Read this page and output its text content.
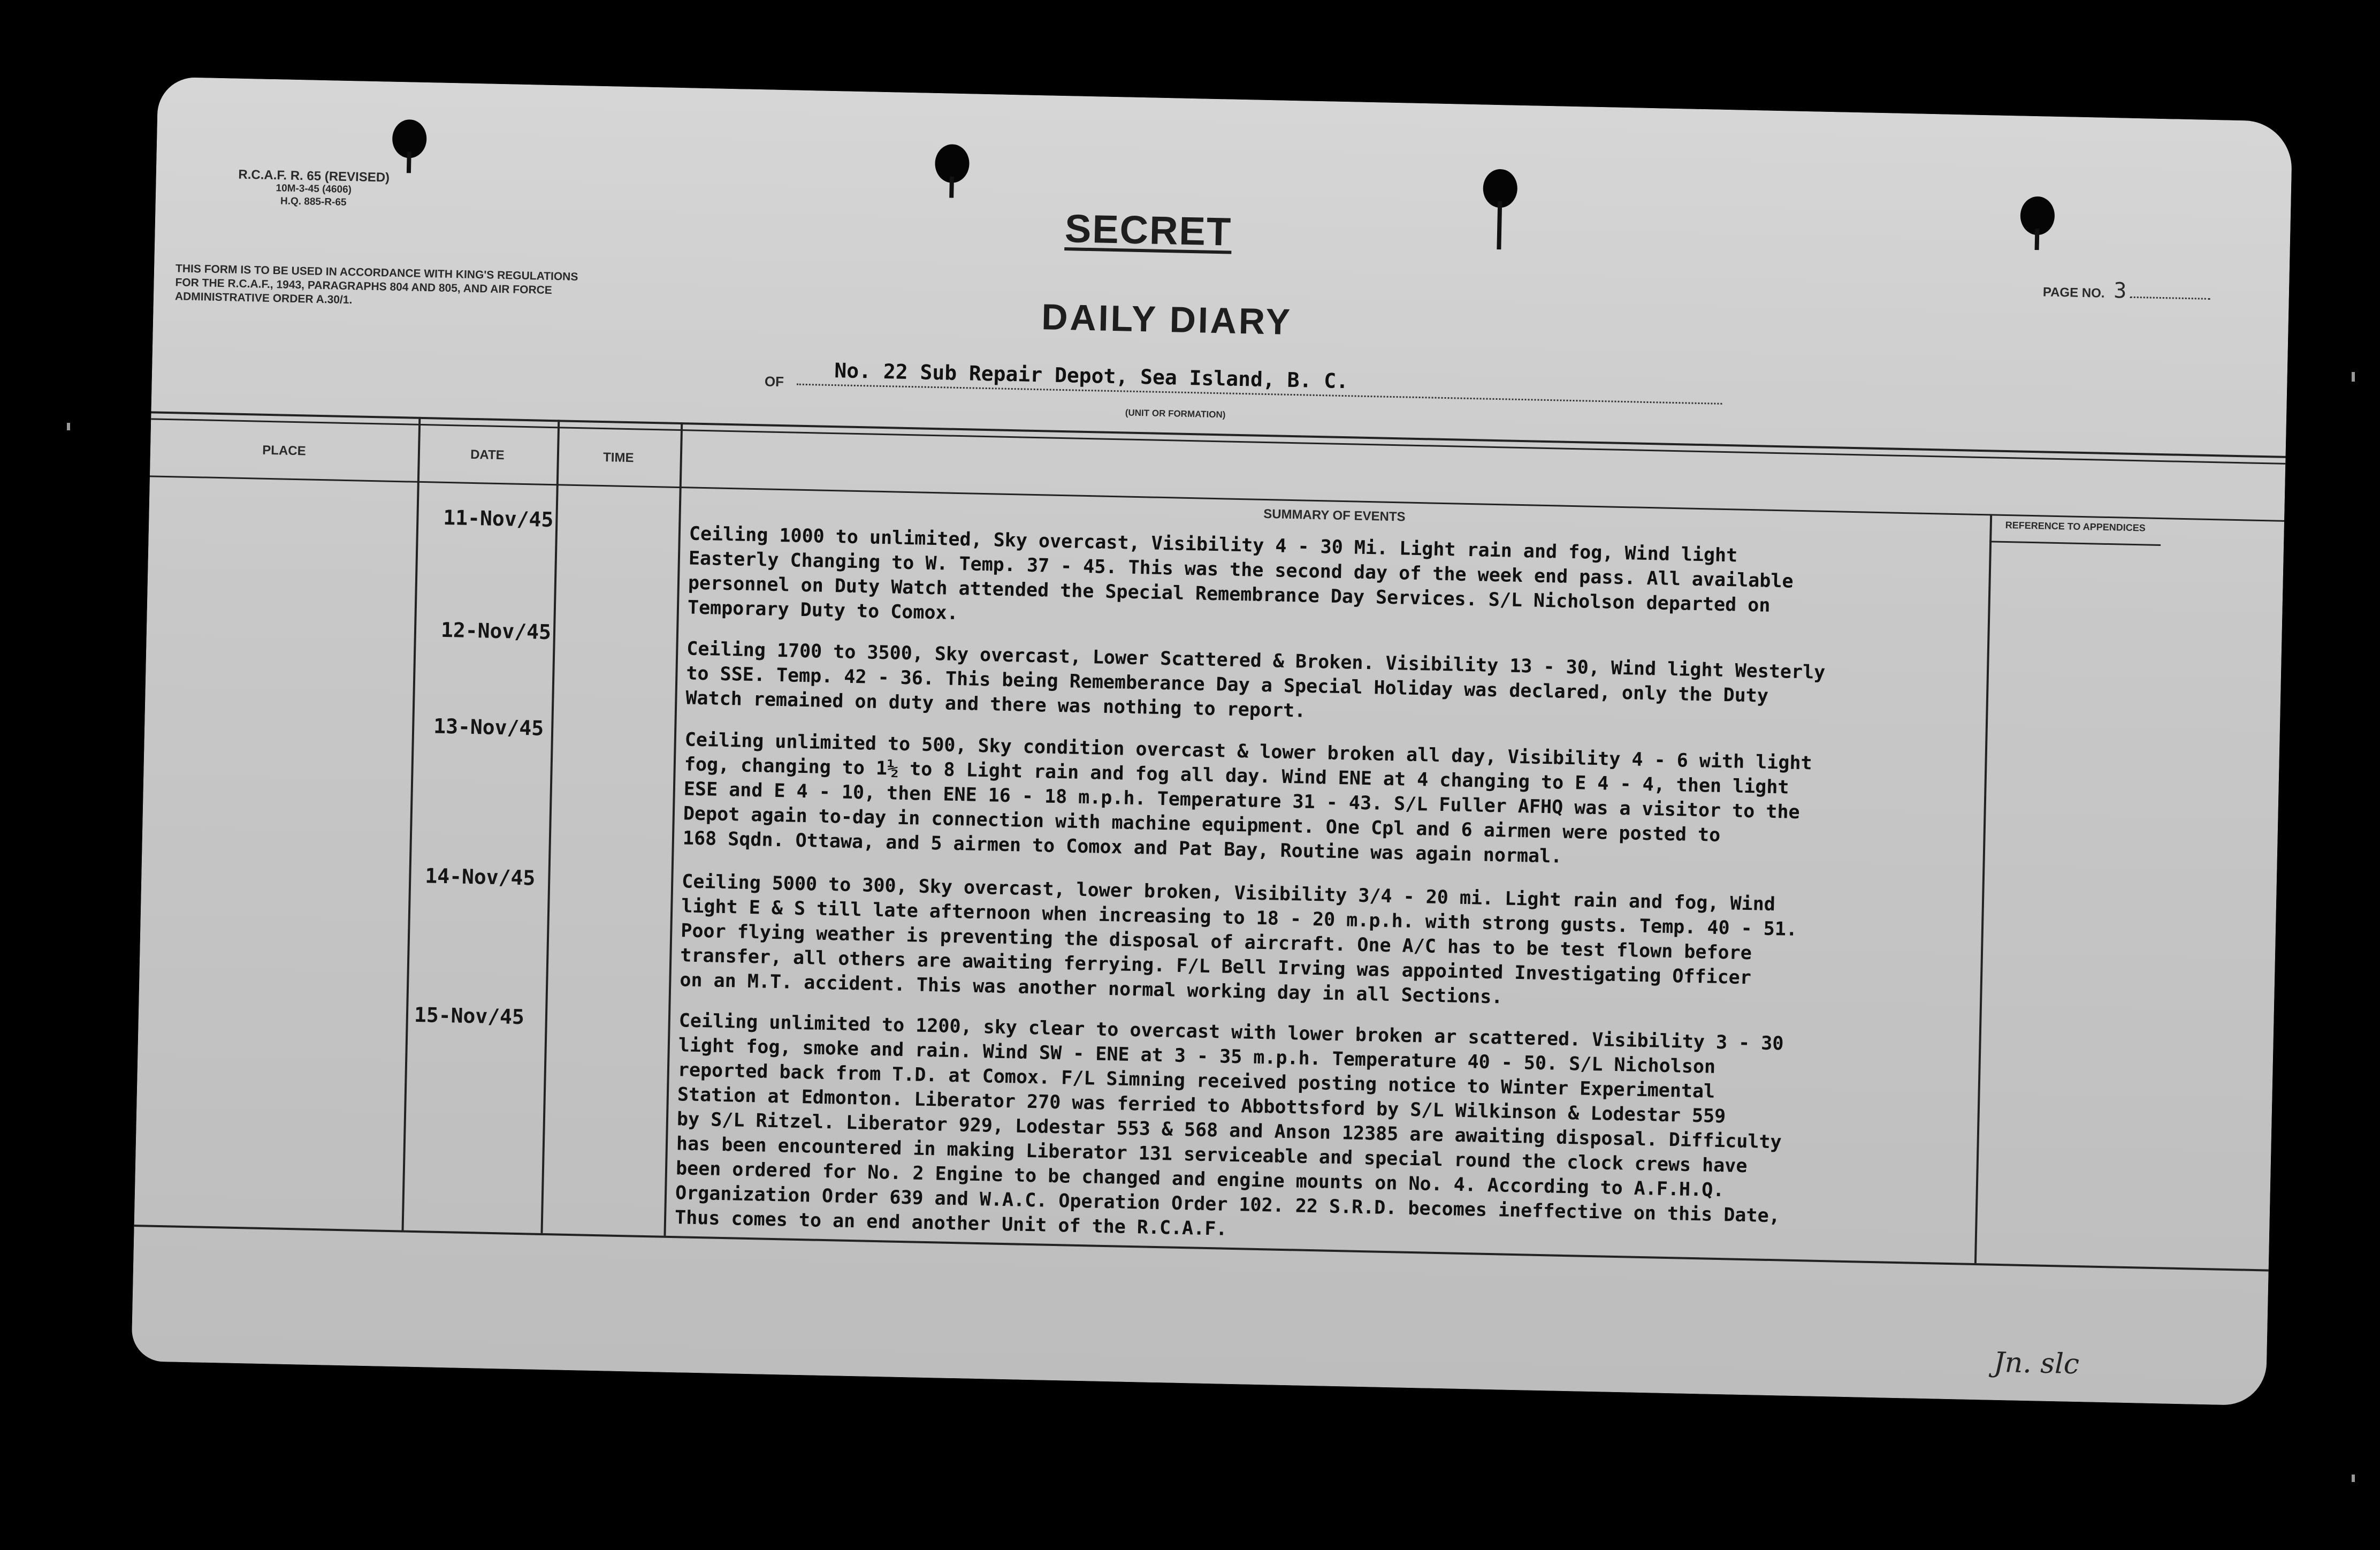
R.C.A.F. R. 65 (REVISED)
10M-3-45 (4606)
H.Q. 885-R-65
THIS FORM IS TO BE USED IN ACCORDANCE WITH KING'S REGULATIONS FOR THE R.C.A.F., 1943, PARAGRAPHS 804 AND 805, AND AIR FORCE ADMINISTRATIVE ORDER A.30/1.
SECRET
DAILY DIARY
PAGE NO. 3
OF	No. 22 Sub Repair Depot, Sea Island, B. C.
(UNIT OR FORMATION)
PLACE	DATE	TIME
SUMMARY OF EVENTS
REFERENCE TO APPENDICES
11-Nov/45
Ceiling 1000 to unlimited, Sky overcast, Visibility 4 - 30 Mi. Light rain and fog, Wind light
Easterly Changing to W. Temp. 37 - 45. This was the second day of the week end pass. All available
personnel on Duty Watch attended the Special Remembrance Day Services. S/L Nicholson departed on
Temporary Duty to Comox.
12-Nov/45
Ceiling 1700 to 3500, Sky overcast, Lower Scattered & Broken. Visibility 13 - 30, Wind light Westerly
to SSE. Temp. 42 - 36. This being Rememberance Day a Special Holiday was declared, only the Duty
Watch remained on duty and there was nothing to report.
13-Nov/45
Ceiling unlimited to 500, Sky condition overcast & lower broken all day, Visibility 4 - 6 with light
fog, changing to 1½ to 8 Light rain and fog all day. Wind ENE at 4 changing to E 4 - 4, then light
ESE and E 4 - 10, then ENE 16 - 18 m.p.h. Temperature 31 - 43. S/L Fuller AFHQ was a visitor to the
Depot again to-day in connection with machine equipment. One Cpl and 6 airmen were posted to
168 Sqdn. Ottawa, and 5 airmen to Comox and Pat Bay, Routine was again normal.
14-Nov/45	Ceiling 5000 to 300, Sky overcast, lower broken, Visibility 3/4 - 20 mi. Light rain and fog, Wind
light E & S till late afternoon when increasing to 18 - 20 m.p.h. with strong gusts. Temp. 40 - 51.
Poor flying weather is preventing the disposal of aircraft. One A/C has to be test flown before
transfer, all others are awaiting ferrying. F/L Bell Irving was appointed Investigating Officer
on an M.T. accident. This was another normal working day in all Sections.
15-Nov/45	Ceiling unlimited to 1200, sky clear to overcast with lower broken ar scattered. Visibility 3 - 30
light fog, smoke and rain. Wind SW - ENE at 3 - 35 m.p.h. Temperature 40 - 50. S/L Nicholson
reported back from T.D. at Comox. F/L Simning received posting notice to Winter Experimental
Station at Edmonton. Liberator 270 was ferried to Abbottsford by S/L Wilkinson & Lodestar 559
by S/L Ritzel. Liberator 929, Lodestar 553 & 568 and Anson 12385 are awaiting disposal. Difficulty
has been encountered in making Liberator 131 serviceable and special round the clock crews have
been ordered for No. 2 Engine to be changed and engine mounts on No. 4. According to A.F.H.Q.
Organization Order 639 and W.A.C. Operation Order 102. 22 S.R.D. becomes ineffective on this Date,
Thus comes to an end another Unit of the R.C.A.F.
Jn. slc
